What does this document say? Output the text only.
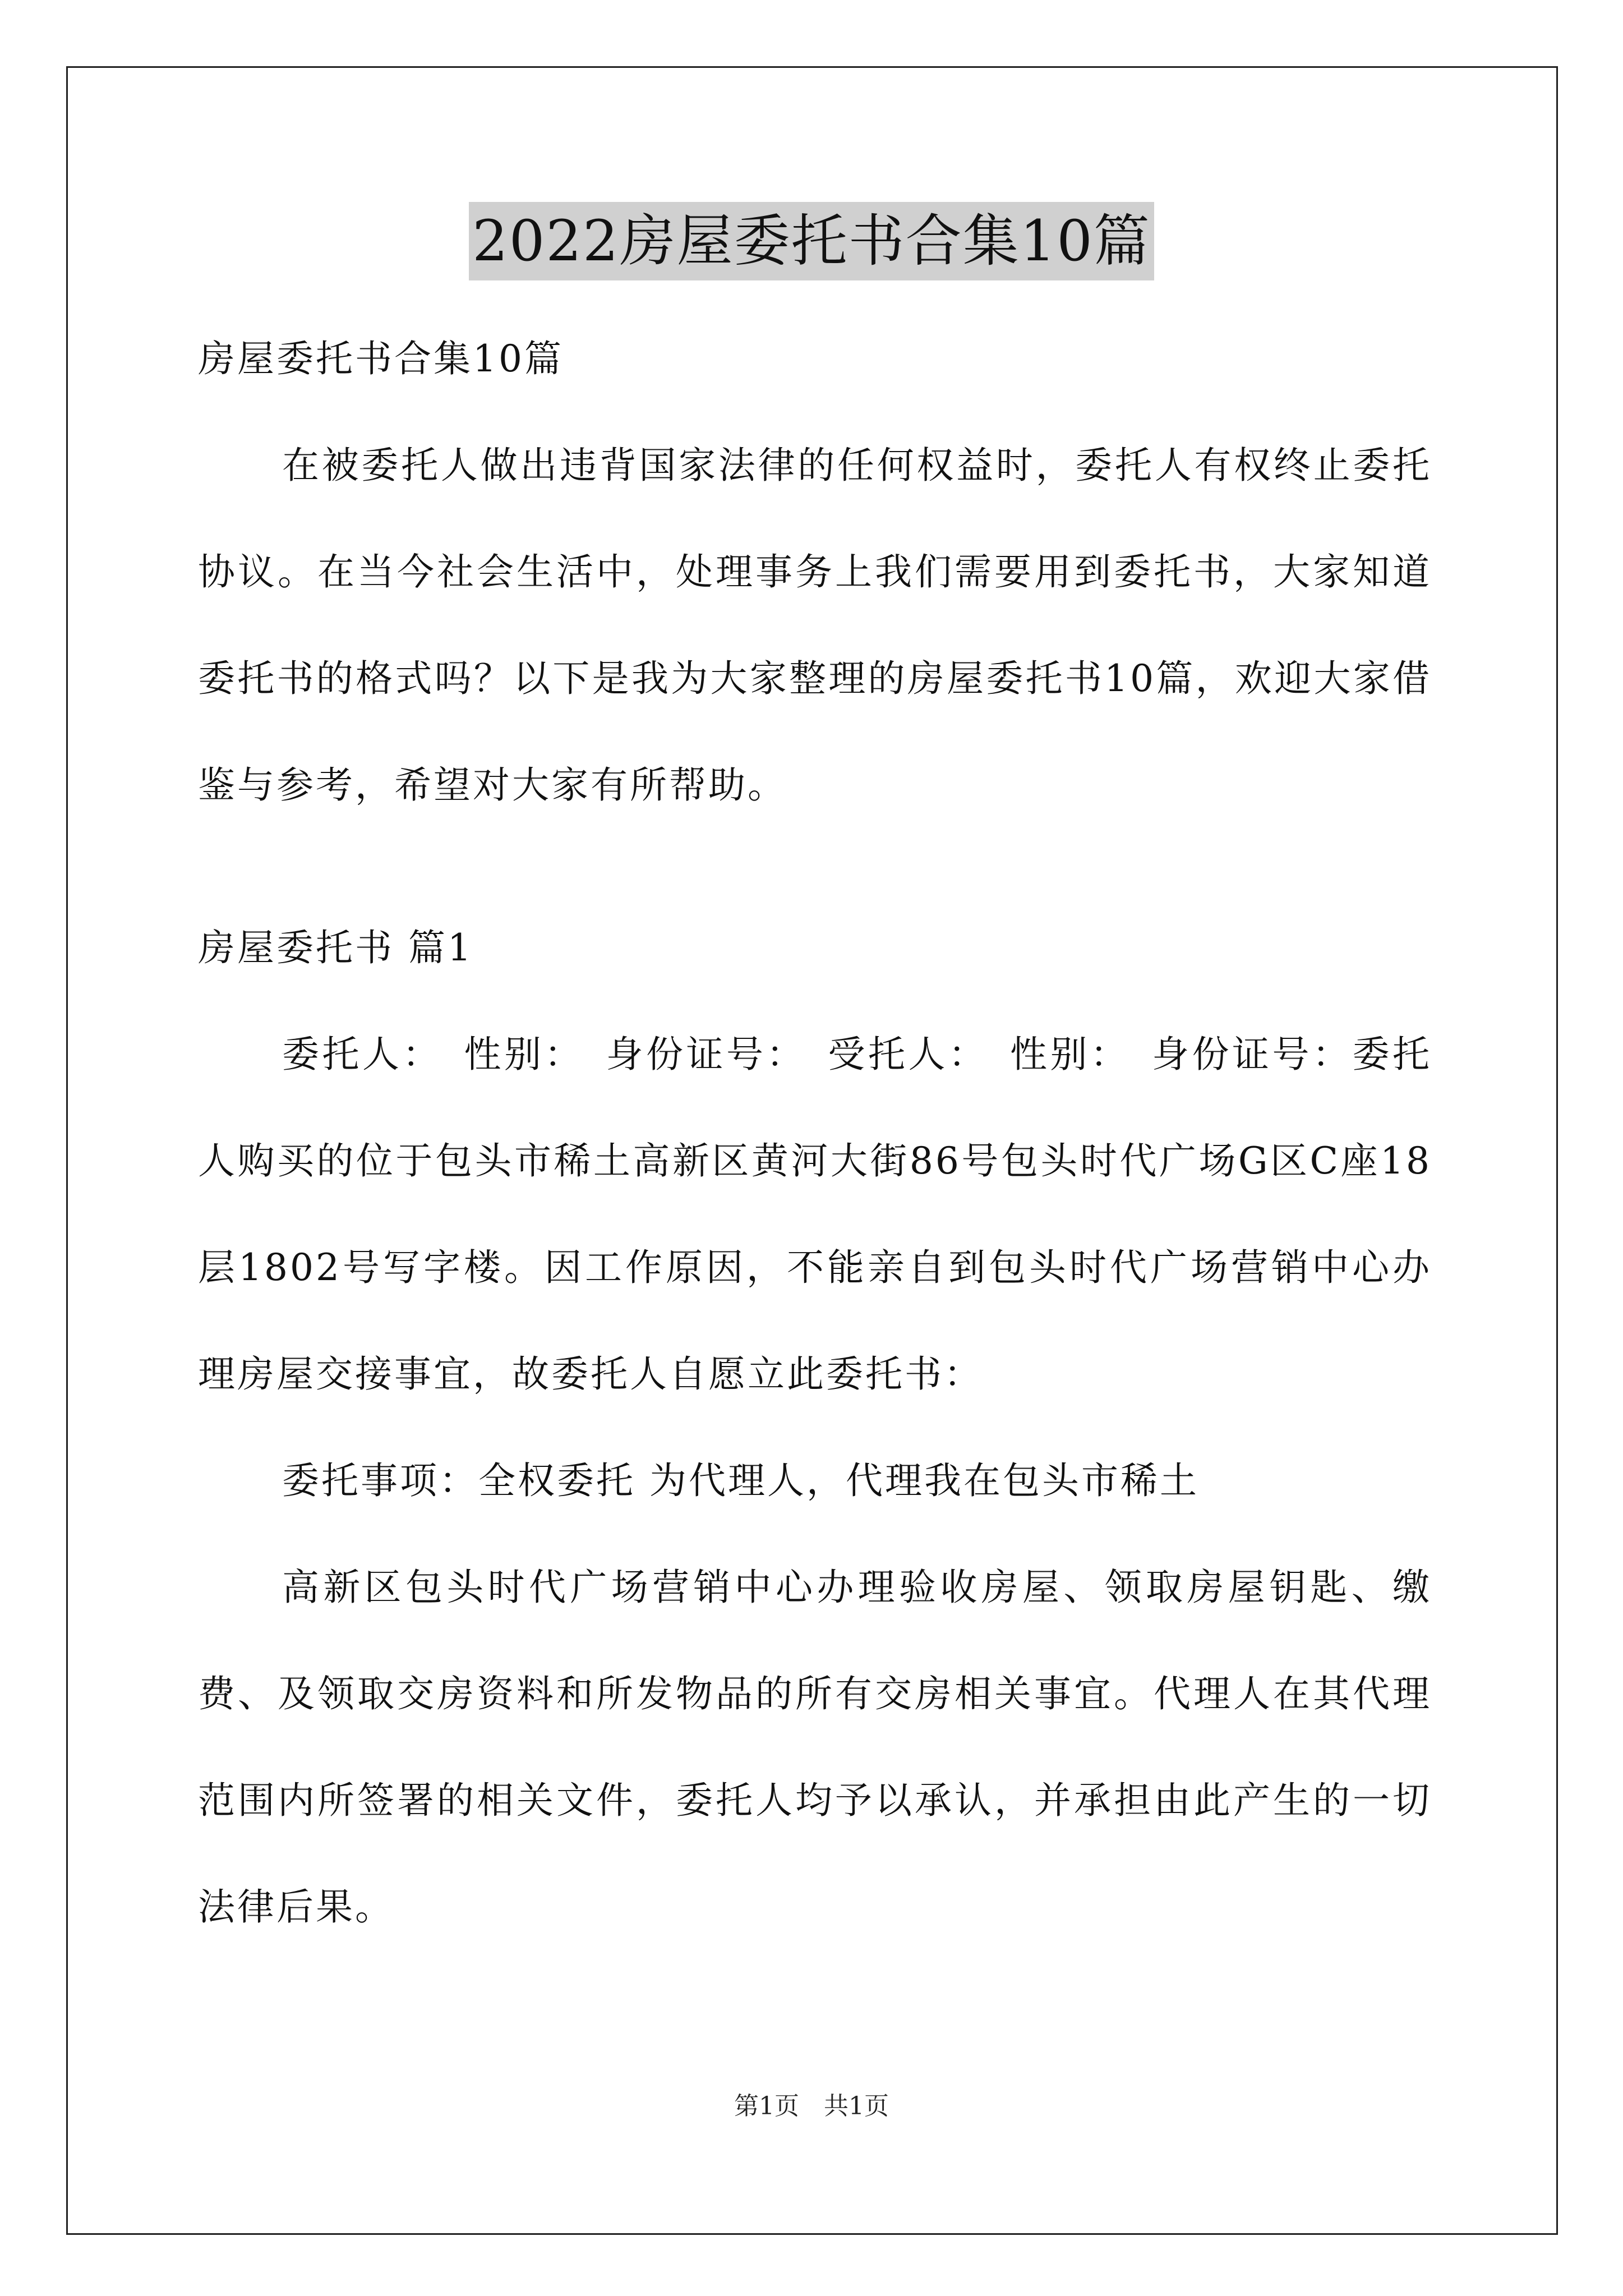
2022房屋委托书合集10篇

房屋委托书合集10篇

在被委托人做出违背国家法律的任何权益时，委托人有权终止委托协议。在当今社会生活中，处理事务上我们需要用到委托书，大家知道委托书的格式吗？以下是我为大家整理的房屋委托书10篇，欢迎大家借鉴与参考，希望对大家有所帮助。

房屋委托书 篇1

委托人：　性别：　身份证号：　受托人：　性别：　身份证号：委托人购买的位于包头市稀土高新区黄河大街86号包头时代广场G区C座18层1802号写字楼。因工作原因，不能亲自到包头时代广场营销中心办理房屋交接事宜，故委托人自愿立此委托书：

委托事项：全权委托 为代理人，代理我在包头市稀土

高新区包头时代广场营销中心办理验收房屋、领取房屋钥匙、缴费、及领取交房资料和所发物品的所有交房相关事宜。代理人在其代理范围内所签署的相关文件，委托人均予以承认，并承担由此产生的一切法律后果。

第1页　共1页
